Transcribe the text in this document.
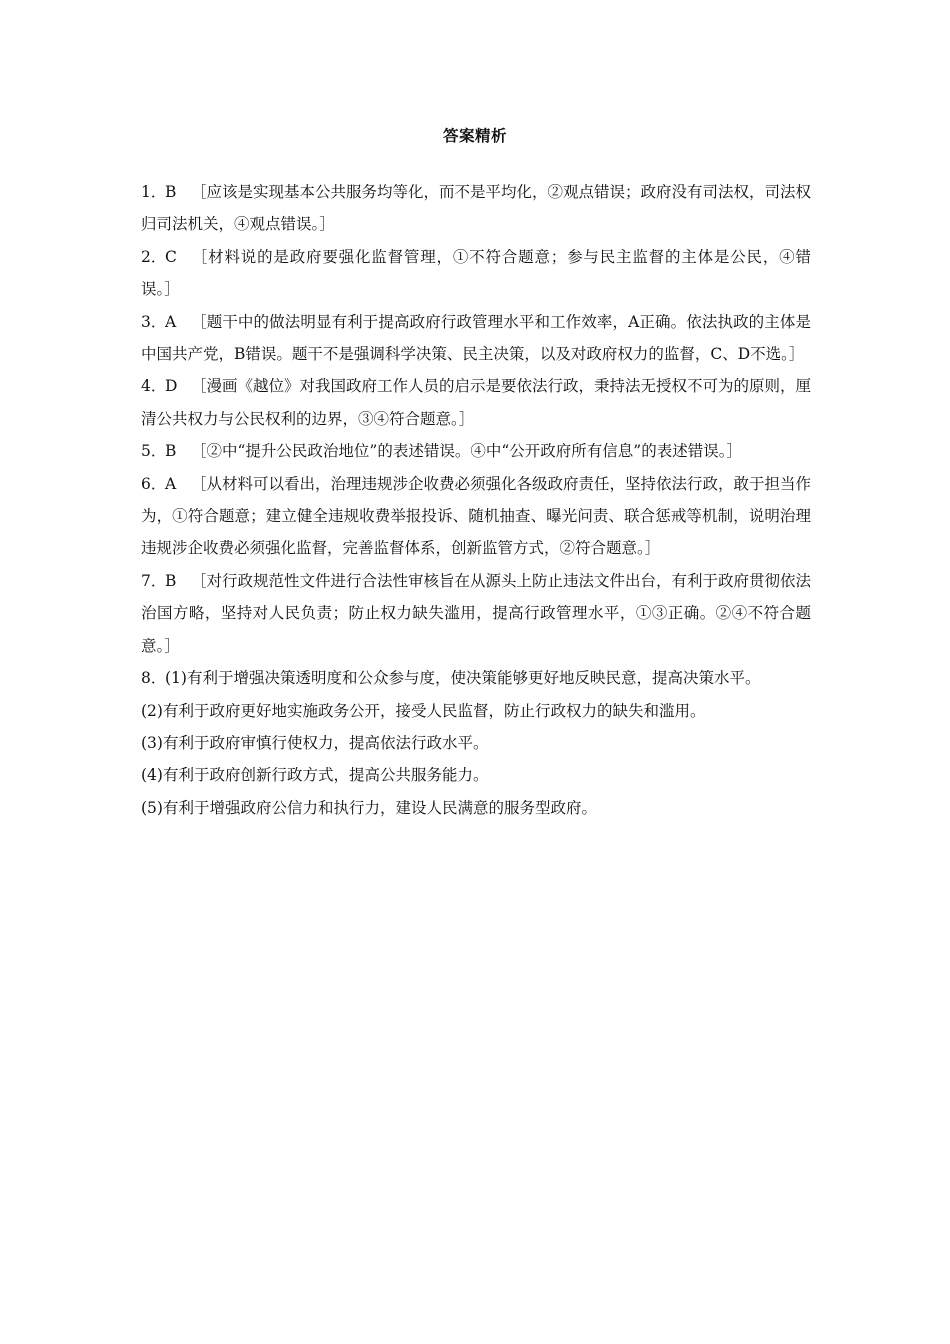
答案精析

1．B ［应该是实现基本公共服务均等化，而不是平均化，②观点错误；政府没有司法权，司法权归司法机关，④观点错误。］

2．C ［材料说的是政府要强化监督管理，①不符合题意；参与民主监督的主体是公民，④错误。］

3．A ［题干中的做法明显有利于提高政府行政管理水平和工作效率，A正确。依法执政的主体是中国共产党，B错误。题干不是强调科学决策、民主决策，以及对政府权力的监督，C、D不选。］

4．D ［漫画《越位》对我国政府工作人员的启示是要依法行政，秉持法无授权不可为的原则，厘清公共权力与公民权利的边界，③④符合题意。］

5．B ［②中“提升公民政治地位”的表述错误。④中“公开政府所有信息”的表述错误。］

6．A ［从材料可以看出，治理违规涉企收费必须强化各级政府责任，坚持依法行政，敢于担当作为，①符合题意；建立健全违规收费举报投诉、随机抽查、曝光问责、联合惩戒等机制，说明治理违规涉企收费必须强化监督，完善监督体系，创新监管方式，②符合题意。］

7．B ［对行政规范性文件进行合法性审核旨在从源头上防止违法文件出台，有利于政府贯彻依法治国方略，坚持对人民负责；防止权力缺失滥用，提高行政管理水平，①③正确。②④不符合题意。］

8．(1)有利于增强决策透明度和公众参与度，使决策能够更好地反映民意，提高决策水平。

(2)有利于政府更好地实施政务公开，接受人民监督，防止行政权力的缺失和滥用。

(3)有利于政府审慎行使权力，提高依法行政水平。

(4)有利于政府创新行政方式，提高公共服务能力。

(5)有利于增强政府公信力和执行力，建设人民满意的服务型政府。
